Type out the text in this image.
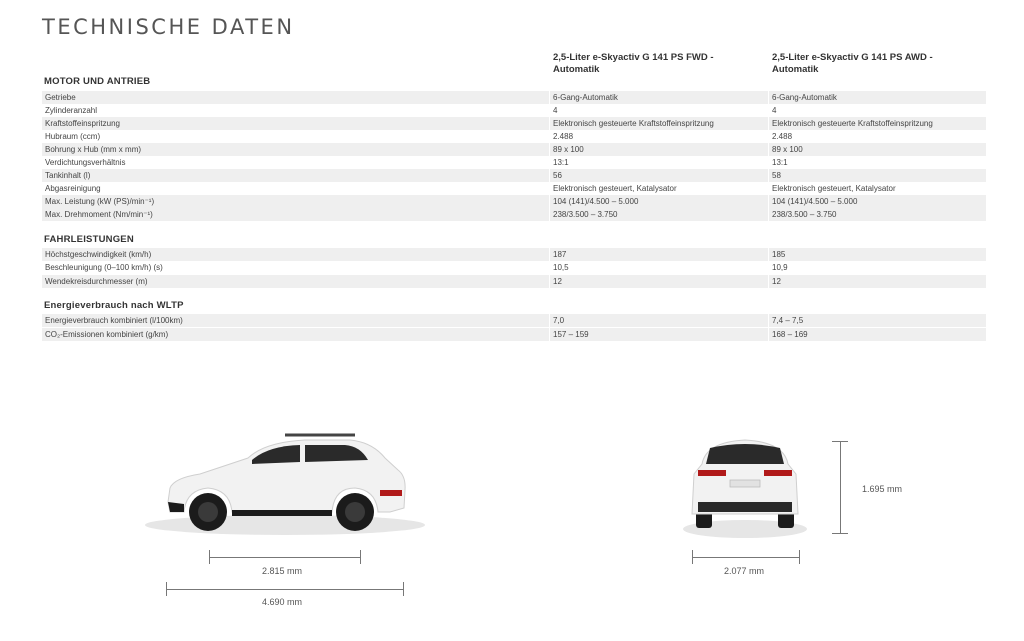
TECHNISCHE DATEN
2,5-Liter e-Skyactiv G 141 PS FWD - Automatik
2,5-Liter e-Skyactiv G 141 PS AWD - Automatik
MOTOR UND ANTRIEB
Getriebe	6-Gang-Automatik	6-Gang-Automatik
Zylinderanzahl	4	4
Kraftstoffeinspritzung	Elektronisch gesteuerte Kraftstoffeinspritzung	Elektronisch gesteuerte Kraftstoffeinspritzung
Hubraum (ccm)	2.488	2.488
Bohrung x Hub (mm x mm)	89 x 100	89 x 100
Verdichtungsverhältnis	13:1	13:1
Tankinhalt (l)	56	58
Abgasreinigung	Elektronisch gesteuert, Katalysator	Elektronisch gesteuert, Katalysator
Max. Leistung (kW (PS)/min⁻¹)	104 (141)/4.500 – 5.000	104 (141)/4.500 – 5.000
Max. Drehmoment (Nm/min⁻¹)	238/3.500 – 3.750	238/3.500 – 3.750
FAHRLEISTUNGEN
Höchstgeschwindigkeit (km/h)	187	185
Beschleunigung (0–100 km/h) (s)	10,5	10,9
Wendekreisdurchmesser (m)	12	12
Energieverbrauch nach WLTP
Energieverbrauch kombiniert (l/100km)	7,0	7,4 – 7,5
CO₂-Emissionen kombiniert (g/km)	157 – 159	168 – 169
2.815 mm
4.690 mm
2.077 mm
1.695 mm
